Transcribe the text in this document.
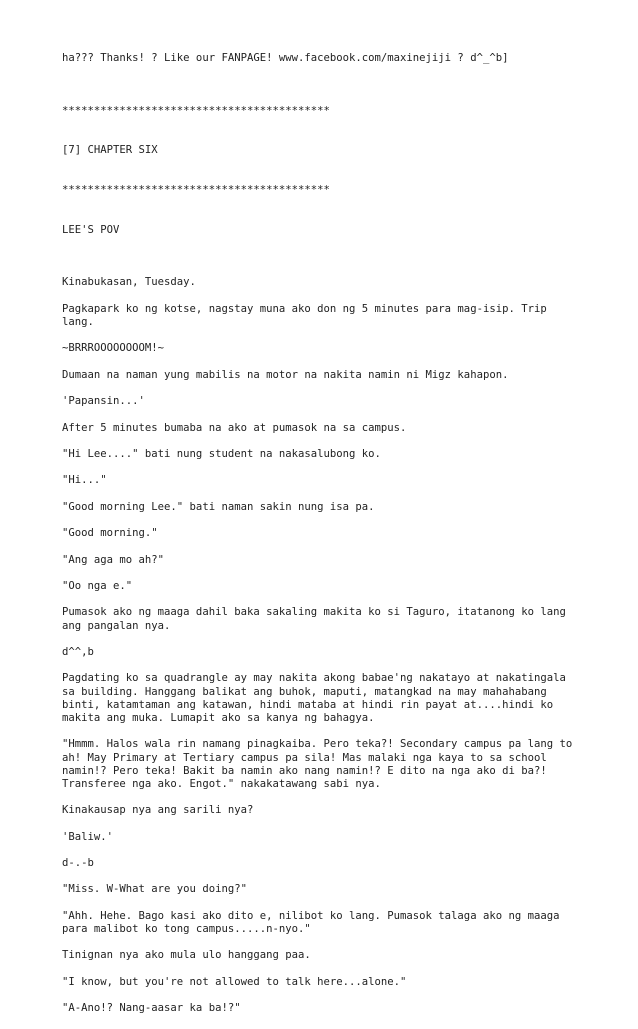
ha??? Thanks! ? Like our FANPAGE! www.facebook.com/maxinejiji ? d^_^b]

******************************************

[7] CHAPTER SIX

******************************************

LEE'S POV

Kinabukasan, Tuesday.
Pagkapark ko ng kotse, nagstay muna ako don ng 5 minutes para mag-isip. Trip
lang.
~BRRROOOOOOOOM!~
Dumaan na naman yung mabilis na motor na nakita namin ni Migz kahapon.
'Papansin...'
After 5 minutes bumaba na ako at pumasok na sa campus.
"Hi Lee...." bati nung student na nakasalubong ko.
"Hi..."
"Good morning Lee." bati naman sakin nung isa pa.
"Good morning."
"Ang aga mo ah?"
"Oo nga e."
Pumasok ako ng maaga dahil baka sakaling makita ko si Taguro, itatanong ko lang
ang pangalan nya.
d^^,b
Pagdating ko sa quadrangle ay may nakita akong babae'ng nakatayo at nakatingala
sa building. Hanggang balikat ang buhok, maputi, matangkad na may mahahabang
binti, katamtaman ang katawan, hindi mataba at hindi rin payat at....hindi ko
makita ang muka. Lumapit ako sa kanya ng bahagya.
"Hmmm. Halos wala rin namang pinagkaiba. Pero teka?! Secondary campus pa lang to
ah! May Primary at Tertiary campus pa sila! Mas malaki nga kaya to sa school
namin!? Pero teka! Bakit ba namin ako nang namin!? E dito na nga ako di ba?!
Transferee nga ako. Engot." nakakatawang sabi nya.
Kinakausap nya ang sarili nya?
'Baliw.'
d-.-b
"Miss. W-What are you doing?"
"Ahh. Hehe. Bago kasi ako dito e, nilibot ko lang. Pumasok talaga ako ng maaga
para malibot ko tong campus.....n-nyo."
Tinignan nya ako mula ulo hanggang paa.
"I know, but you're not allowed to talk here...alone."
"A-Ano!? Nang-aasar ka ba!?"
